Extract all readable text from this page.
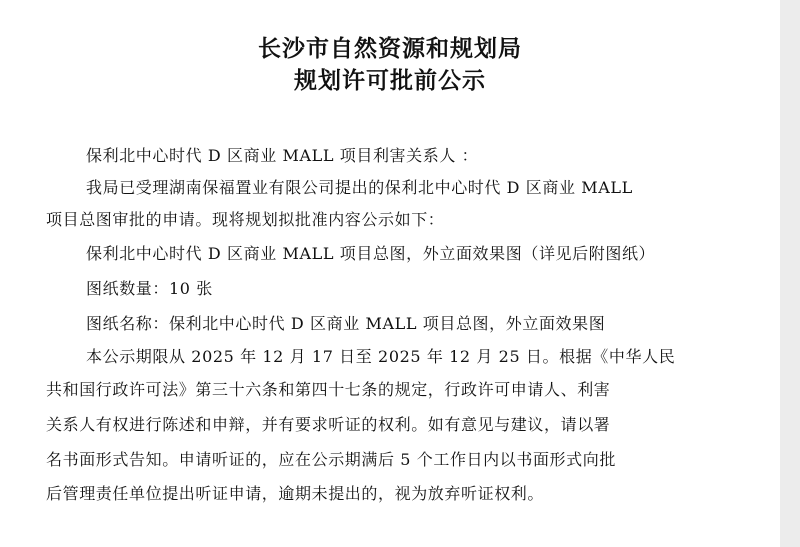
长沙市自然资源和规划局
规划许可批前公示
保利北中心时代 D 区商业 MALL 项目利害关系人 ：
我局已受理湖南保福置业有限公司提出的保利北中心时代 D 区商业 MALL
项目总图审批的申请。现将规划拟批准内容公示如下：
保利北中心时代 D 区商业 MALL 项目总图，外立面效果图（详见后附图纸）
图纸数量：10 张
图纸名称：保利北中心时代 D 区商业 MALL 项目总图，外立面效果图
本公示期限从 2025 年 12 月 17 日至 2025 年 12 月 25 日。根据《中华人民
共和国行政许可法》第三十六条和第四十七条的规定，行政许可申请人、利害
关系人有权进行陈述和申辩，并有要求听证的权利。如有意见与建议，请以署
名书面形式告知。申请听证的，应在公示期满后 5 个工作日内以书面形式向批
后管理责任单位提出听证申请，逾期未提出的，视为放弃听证权利。
